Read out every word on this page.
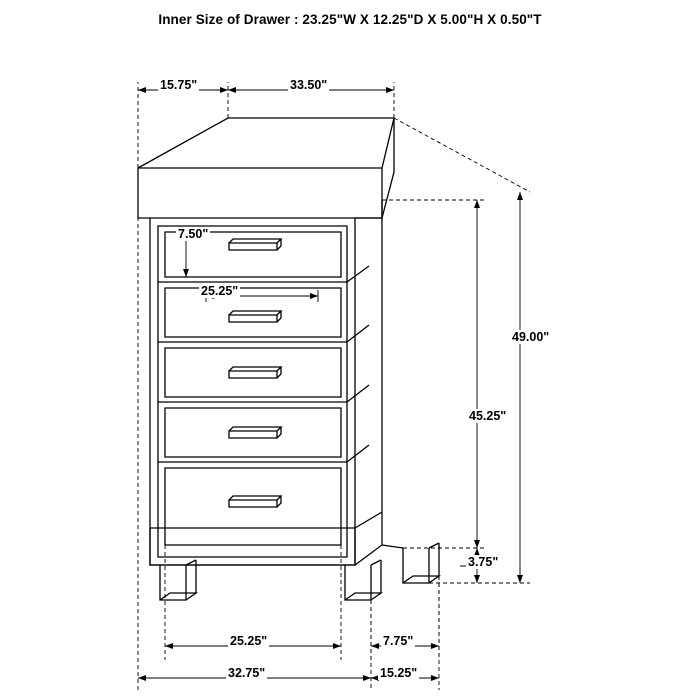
Inner Size of Drawer : 23.25"W X 12.25"D X 5.00"H X 0.50"T
15.75"	33.50"
7.50"
25.25"
49.00"
45.25"
3.75"
25.25"	7.75"
32.75"	15.25"
